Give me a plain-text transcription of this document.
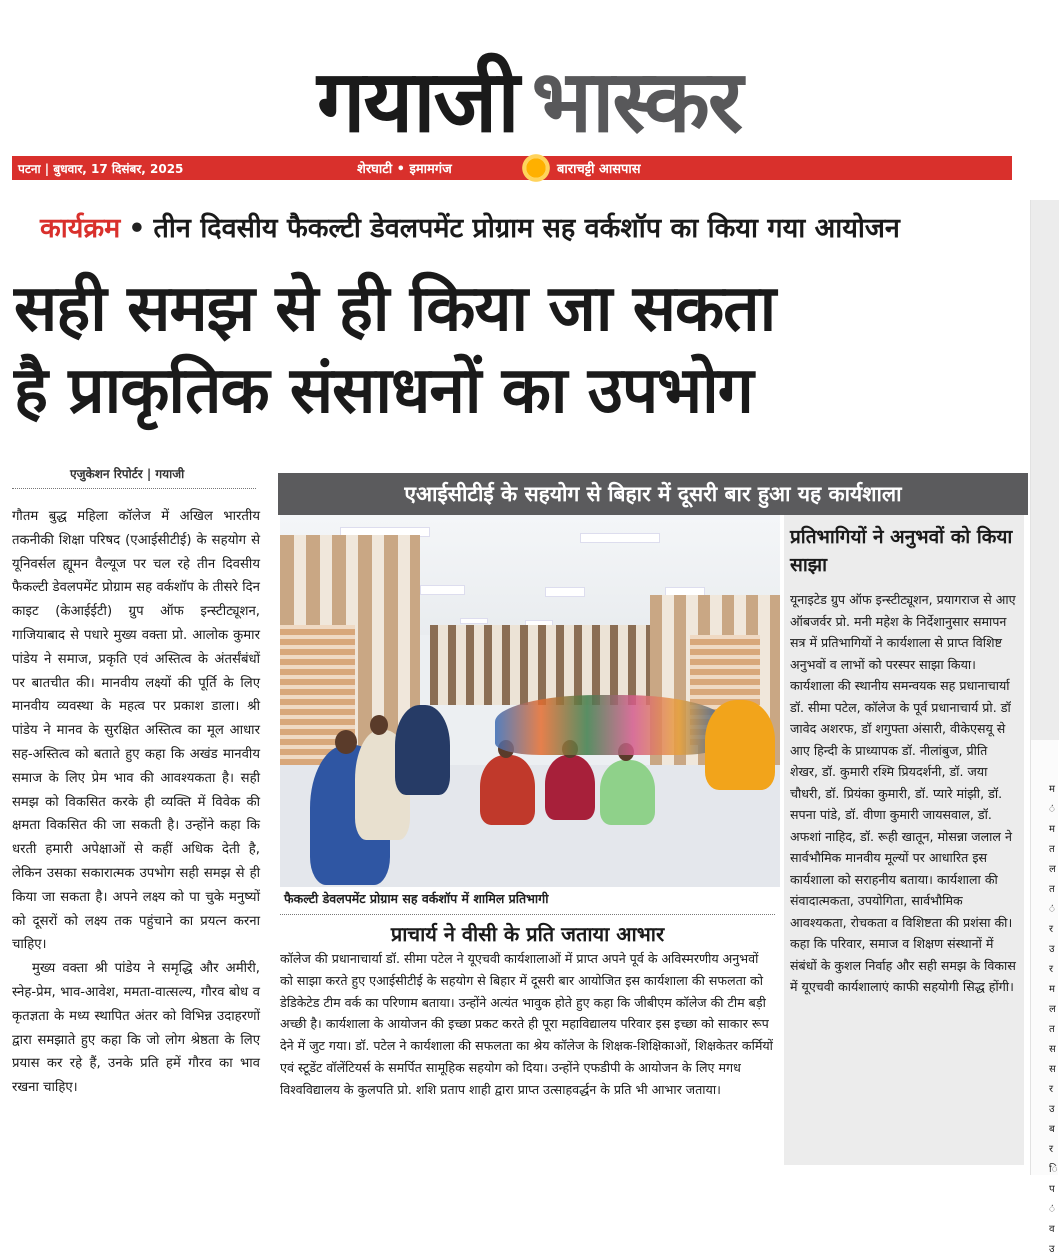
गयाजी भास्कर
पटना | बुधवार, 17 दिसंबर, 2025	शेरघाटी • इमामगंज	बाराचट्टी आसपास
कार्यक्रम • तीन दिवसीय फैकल्टी डेवलपमेंट प्रोग्राम सह वर्कशॉप का किया गया आयोजन
सही समझ से ही किया जा सकता
है प्राकृतिक संसाधनों का उपभोग
एजुकेशन रिपोर्टर | गयाजी

गौतम बुद्ध महिला कॉलेज में अखिल भारतीय तकनीकी शिक्षा परिषद (एआईसीटीई) के सहयोग से यूनिवर्सल ह्यूमन वैल्यूज पर चल रहे तीन दिवसीय फैकल्टी डेवलपमेंट प्रोग्राम सह वर्कशॉप के तीसरे दिन काइट (केआईईटी) ग्रुप ऑफ इन्स्टीट्यूशन, गाजियाबाद से पधारे मुख्य वक्ता प्रो. आलोक कुमार पांडेय ने समाज, प्रकृति एवं अस्तित्व के अंतर्संबंधों पर बातचीत की। मानवीय लक्ष्यों की पूर्ति के लिए मानवीय व्यवस्था के महत्व पर प्रकाश डाला। श्री पांडेय ने मानव के सुरक्षित अस्तित्व का मूल आधार सह-अस्तित्व को बताते हुए कहा कि अखंड मानवीय समाज के लिए प्रेम भाव की आवश्यकता है। सही समझ को विकसित करके ही व्यक्ति में विवेक की क्षमता विकसित की जा सकती है। उन्होंने कहा कि धरती हमारी अपेक्षाओं से कहीं अधिक देती है, लेकिन उसका सकारात्मक उपभोग सही समझ से ही किया जा सकता है। अपने लक्ष्य को पा चुके मनुष्यों को दूसरों को लक्ष्य तक पहुंचाने का प्रयत्न करना चाहिए।

मुख्य वक्ता श्री पांडेय ने समृद्धि और अमीरी, स्नेह-प्रेम, भाव-आवेश, ममता-वात्सल्य, गौरव बोध व कृतज्ञता के मध्य स्थापित अंतर को विभिन्न उदाहरणों द्वारा समझाते हुए कहा कि जो लोग श्रेष्ठता के लिए प्रयास कर रहे हैं, उनके प्रति हमें गौरव का भाव रखना चाहिए।

एआईसीटीई के सहयोग से बिहार में दूसरी बार हुआ यह कार्यशाला
फैकल्टी डेवलपमेंट प्रोग्राम सह वर्कशॉप में शामिल प्रतिभागी
प्राचार्य ने वीसी के प्रति जताया आभार
कॉलेज की प्रधानाचार्या डॉ. सीमा पटेल ने यूएचवी कार्यशालाओं में प्राप्त अपने पूर्व के अविस्मरणीय अनुभवों को साझा करते हुए एआईसीटीई के सहयोग से बिहार में दूसरी बार आयोजित इस कार्यशाला की सफलता को डेडिकेटेड टीम वर्क का परिणाम बताया। उन्होंने अत्यंत भावुक होते हुए कहा कि जीबीएम कॉलेज की टीम बड़ी अच्छी है। कार्यशाला के आयोजन की इच्छा प्रकट करते ही पूरा महाविद्यालय परिवार इस इच्छा को साकार रूप देने में जुट गया। डॉ. पटेल ने कार्यशाला की सफलता का श्रेय कॉलेज के शिक्षक-शिक्षिकाओं, शिक्षकेतर कर्मियों एवं स्टूडेंट वॉलेंटियर्स के समर्पित सामूहिक सहयोग को दिया। उन्होंने एफडीपी के आयोजन के लिए मगध विश्वविद्यालय के कुलपति प्रो. शशि प्रताप शाही द्वारा प्राप्त उत्साहवर्द्धन के प्रति भी आभार जताया।
प्रतिभागियों ने अनुभवों को किया साझा
यूनाइटेड ग्रुप ऑफ इन्स्टीट्यूशन, प्रयागराज से आए ऑबजर्वर प्रो. मनी महेश के निर्देशानुसार समापन सत्र में प्रतिभागियों ने कार्यशाला से प्राप्त विशिष्ट अनुभवों व लाभों को परस्पर साझा किया। कार्यशाला की स्थानीय समन्वयक सह प्रधानाचार्या डॉ. सीमा पटेल, कॉलेज के पूर्व प्रधानाचार्य प्रो. डॉ जावेद अशरफ, डॉ शगुफ्ता अंसारी, वीकेएसयू से आए हिन्दी के प्राध्यापक डॉ. नीलांबुज, प्रीति शेखर, डॉ. कुमारी रश्मि प्रियदर्शनी, डॉ. जया चौधरी, डॉ. प्रियंका कुमारी, डॉ. प्यारे मांझी, डॉ. सपना पांडे, डॉ. वीणा कुमारी जायसवाल, डॉ. अफशां नाहिद, डॉ. रूही खातून, मोसन्ना जलाल ने सार्वभौमिक मानवीय मूल्यों पर आधारित इस कार्यशाला को सराहनीय बताया। कार्यशाला की संवादात्मकता, उपयोगिता, सार्वभौमिक आवश्यकता, रोचकता व विशिष्टता की प्रशंसा की। कहा कि परिवार, समाज व शिक्षण संस्थानों में संबंधों के कुशल निर्वाह और सही समझ के विकास में यूएचवी कार्यशालाएं काफी सहयोगी सिद्ध होंगी।
म
ं
म
त
ल
त
ं
र
उ
र
म
ल
त
स
स
र
उ
ब
र
ि
प
ं
व
उ
